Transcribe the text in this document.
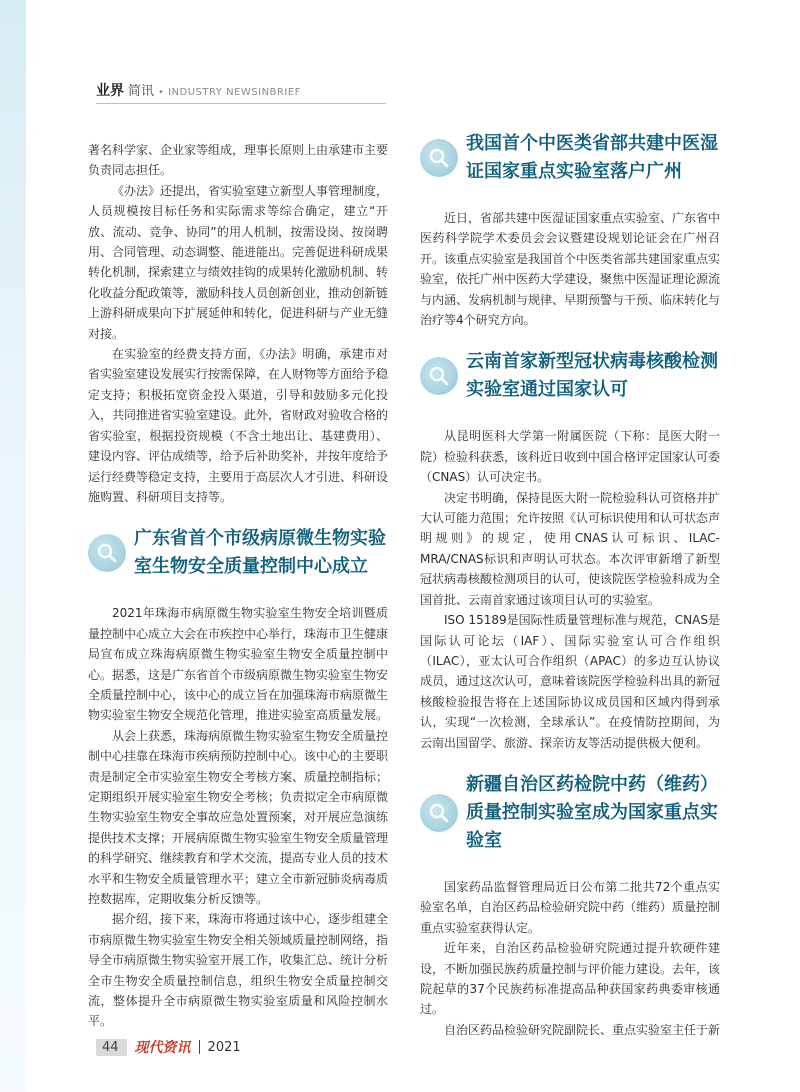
业界 简讯 • INDUSTRY NEWSINBRIEF

著名科学家、企业家等组成，理事长原则上由承建市主要负责同志担任。

《办法》还提出，省实验室建立新型人事管理制度，人员规模按目标任务和实际需求等综合确定，建立“开放、流动、竞争、协同”的用人机制，按需设岗、按岗聘用、合同管理、动态调整、能进能出。完善促进科研成果转化机制，探索建立与绩效挂钩的成果转化激励机制、转化收益分配政策等，激励科技人员创新创业，推动创新链上游科研成果向下扩展延伸和转化，促进科研与产业无缝对接。

在实验室的经费支持方面，《办法》明确，承建市对省实验室建设发展实行按需保障，在人财物等方面给予稳定支持；积极拓宽资金投入渠道，引导和鼓励多元化投入，共同推进省实验室建设。此外，省财政对验收合格的省实验室，根据投资规模（不含土地出让、基建费用）、建设内容、评估成绩等，给予后补助奖补，并按年度给予运行经费等稳定支持，主要用于高层次人才引进、科研设施购置、科研项目支持等。

广东省首个市级病原微生物实验室生物安全质量控制中心成立

2021年珠海市病原微生物实验室生物安全培训暨质量控制中心成立大会在市疾控中心举行，珠海市卫生健康局宣布成立珠海病原微生物实验室生物安全质量控制中心。据悉，这是广东省首个市级病原微生物实验室生物安全质量控制中心，该中心的成立旨在加强珠海市病原微生物实验室生物安全规范化管理，推进实验室高质量发展。

从会上获悉，珠海病原微生物实验室生物安全质量控制中心挂靠在珠海市疾病预防控制中心。该中心的主要职责是制定全市实验室生物安全考核方案、质量控制指标；定期组织开展实验室生物安全考核；负责拟定全市病原微生物实验室生物安全事故应急处置预案，对开展应急演练提供技术支撑；开展病原微生物实验室生物安全质量管理的科学研究、继续教育和学术交流，提高专业人员的技术水平和生物安全质量管理水平；建立全市新冠肺炎病毒质控数据库，定期收集分析反馈等。

据介绍，接下来，珠海市将通过该中心，逐步组建全市病原微生物实验室生物安全相关领域质量控制网络，指导全市病原微生物实验室开展工作，收集汇总、统计分析全市生物安全质量控制信息，组织生物安全质量控制交流，整体提升全市病原微生物实验室质量和风险控制水平。

我国首个中医类省部共建中医湿证国家重点实验室落户广州

近日，省部共建中医湿证国家重点实验室、广东省中医药科学院学术委员会会议暨建设规划论证会在广州召开。该重点实验室是我国首个中医类省部共建国家重点实验室，依托广州中医药大学建设，聚焦中医湿证理论源流与内涵、发病机制与规律、早期预警与干预、临床转化与治疗等4个研究方向。

云南首家新型冠状病毒核酸检测实验室通过国家认可

从昆明医科大学第一附属医院（下称：昆医大附一院）检验科获悉，该科近日收到中国合格评定国家认可委（CNAS）认可决定书。

决定书明确，保持昆医大附一院检验科认可资格并扩大认可能力范围；允许按照《认可标识使用和认可状态声明规则》的规定，使用CNAS认可标识、ILAC-MRA/CNAS标识和声明认可状态。本次评审新增了新型冠状病毒核酸检测项目的认可，使该院医学检验科成为全国首批、云南首家通过该项目认可的实验室。

ISO 15189是国际性质量管理标准与规范，CNAS是国际认可论坛（IAF）、国际实验室认可合作组织（ILAC），亚太认可合作组织（APAC）的多边互认协议成员，通过这次认可，意味着该院医学检验科出具的新冠核酸检验报告将在上述国际协议成员国和区域内得到承认，实现“一次检测，全球承认”。在疫情防控期间，为云南出国留学、旅游、探亲访友等活动提供极大便利。

新疆自治区药检院中药（维药）质量控制实验室成为国家重点实验室

国家药品监督管理局近日公布第二批共72个重点实验室名单，自治区药品检验研究院中药（维药）质量控制重点实验室获得认定。

近年来，自治区药品检验研究院通过提升软硬件建设，不断加强民族药质量控制与评价能力建设。去年，该院起草的37个民族药标准提高品种获国家药典委审核通过。

自治区药品检验研究院副院长、重点实验室主任于新

44	现代资讯 2021
